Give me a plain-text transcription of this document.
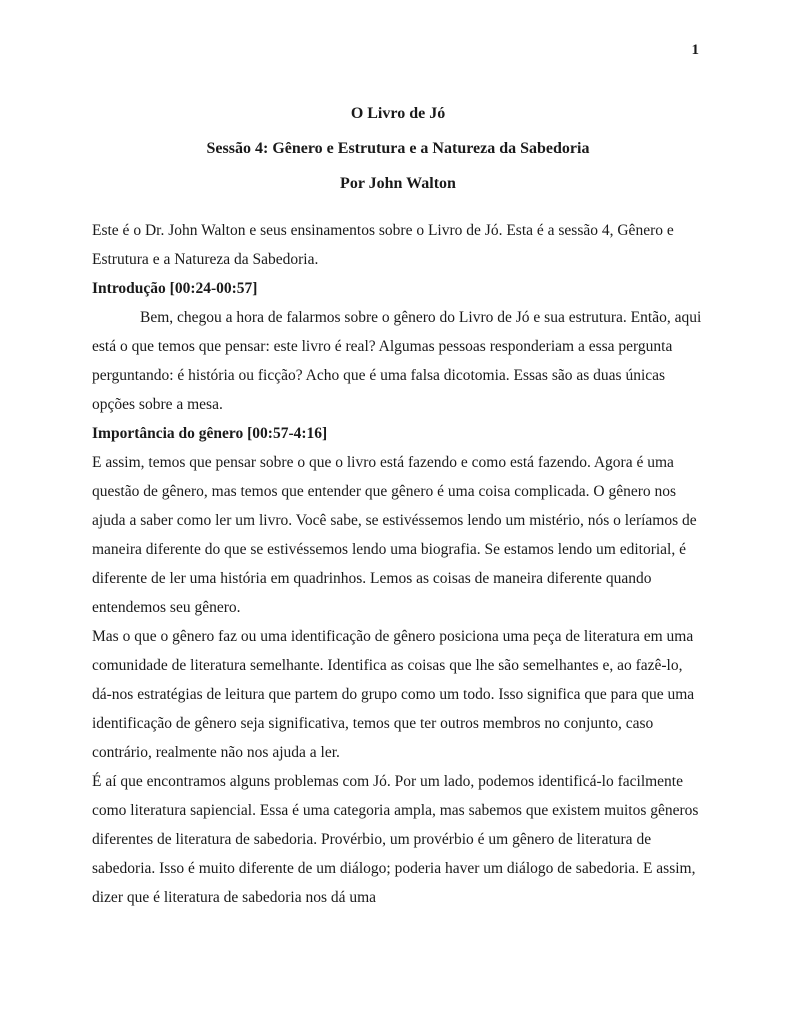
1
O Livro de Jó
Sessão 4: Gênero e Estrutura e a Natureza da Sabedoria
Por John Walton

Este é o Dr. John Walton e seus ensinamentos sobre o Livro de Jó. Esta é a sessão 4, Gênero e Estrutura e a Natureza da Sabedoria.

Introdução [00:24-00:57]

Bem, chegou a hora de falarmos sobre o gênero do Livro de Jó e sua estrutura. Então, aqui está o que temos que pensar: este livro é real? Algumas pessoas responderiam a essa pergunta perguntando: é história ou ficção? Acho que é uma falsa dicotomia. Essas são as duas únicas opções sobre a mesa.

Importância do gênero [00:57-4:16]

E assim, temos que pensar sobre o que o livro está fazendo e como está fazendo. Agora é uma questão de gênero, mas temos que entender que gênero é uma coisa complicada. O gênero nos ajuda a saber como ler um livro. Você sabe, se estivéssemos lendo um mistério, nós o leríamos de maneira diferente do que se estivéssemos lendo uma biografia. Se estamos lendo um editorial, é diferente de ler uma história em quadrinhos. Lemos as coisas de maneira diferente quando entendemos seu gênero.

Mas o que o gênero faz ou uma identificação de gênero posiciona uma peça de literatura em uma comunidade de literatura semelhante. Identifica as coisas que lhe são semelhantes e, ao fazê-lo, dá-nos estratégias de leitura que partem do grupo como um todo. Isso significa que para que uma identificação de gênero seja significativa, temos que ter outros membros no conjunto, caso contrário, realmente não nos ajuda a ler.

É aí que encontramos alguns problemas com Jó. Por um lado, podemos identificá-lo facilmente como literatura sapiencial. Essa é uma categoria ampla, mas sabemos que existem muitos gêneros diferentes de literatura de sabedoria. Provérbio, um provérbio é um gênero de literatura de sabedoria. Isso é muito diferente de um diálogo; poderia haver um diálogo de sabedoria. E assim, dizer que é literatura de sabedoria nos dá uma
